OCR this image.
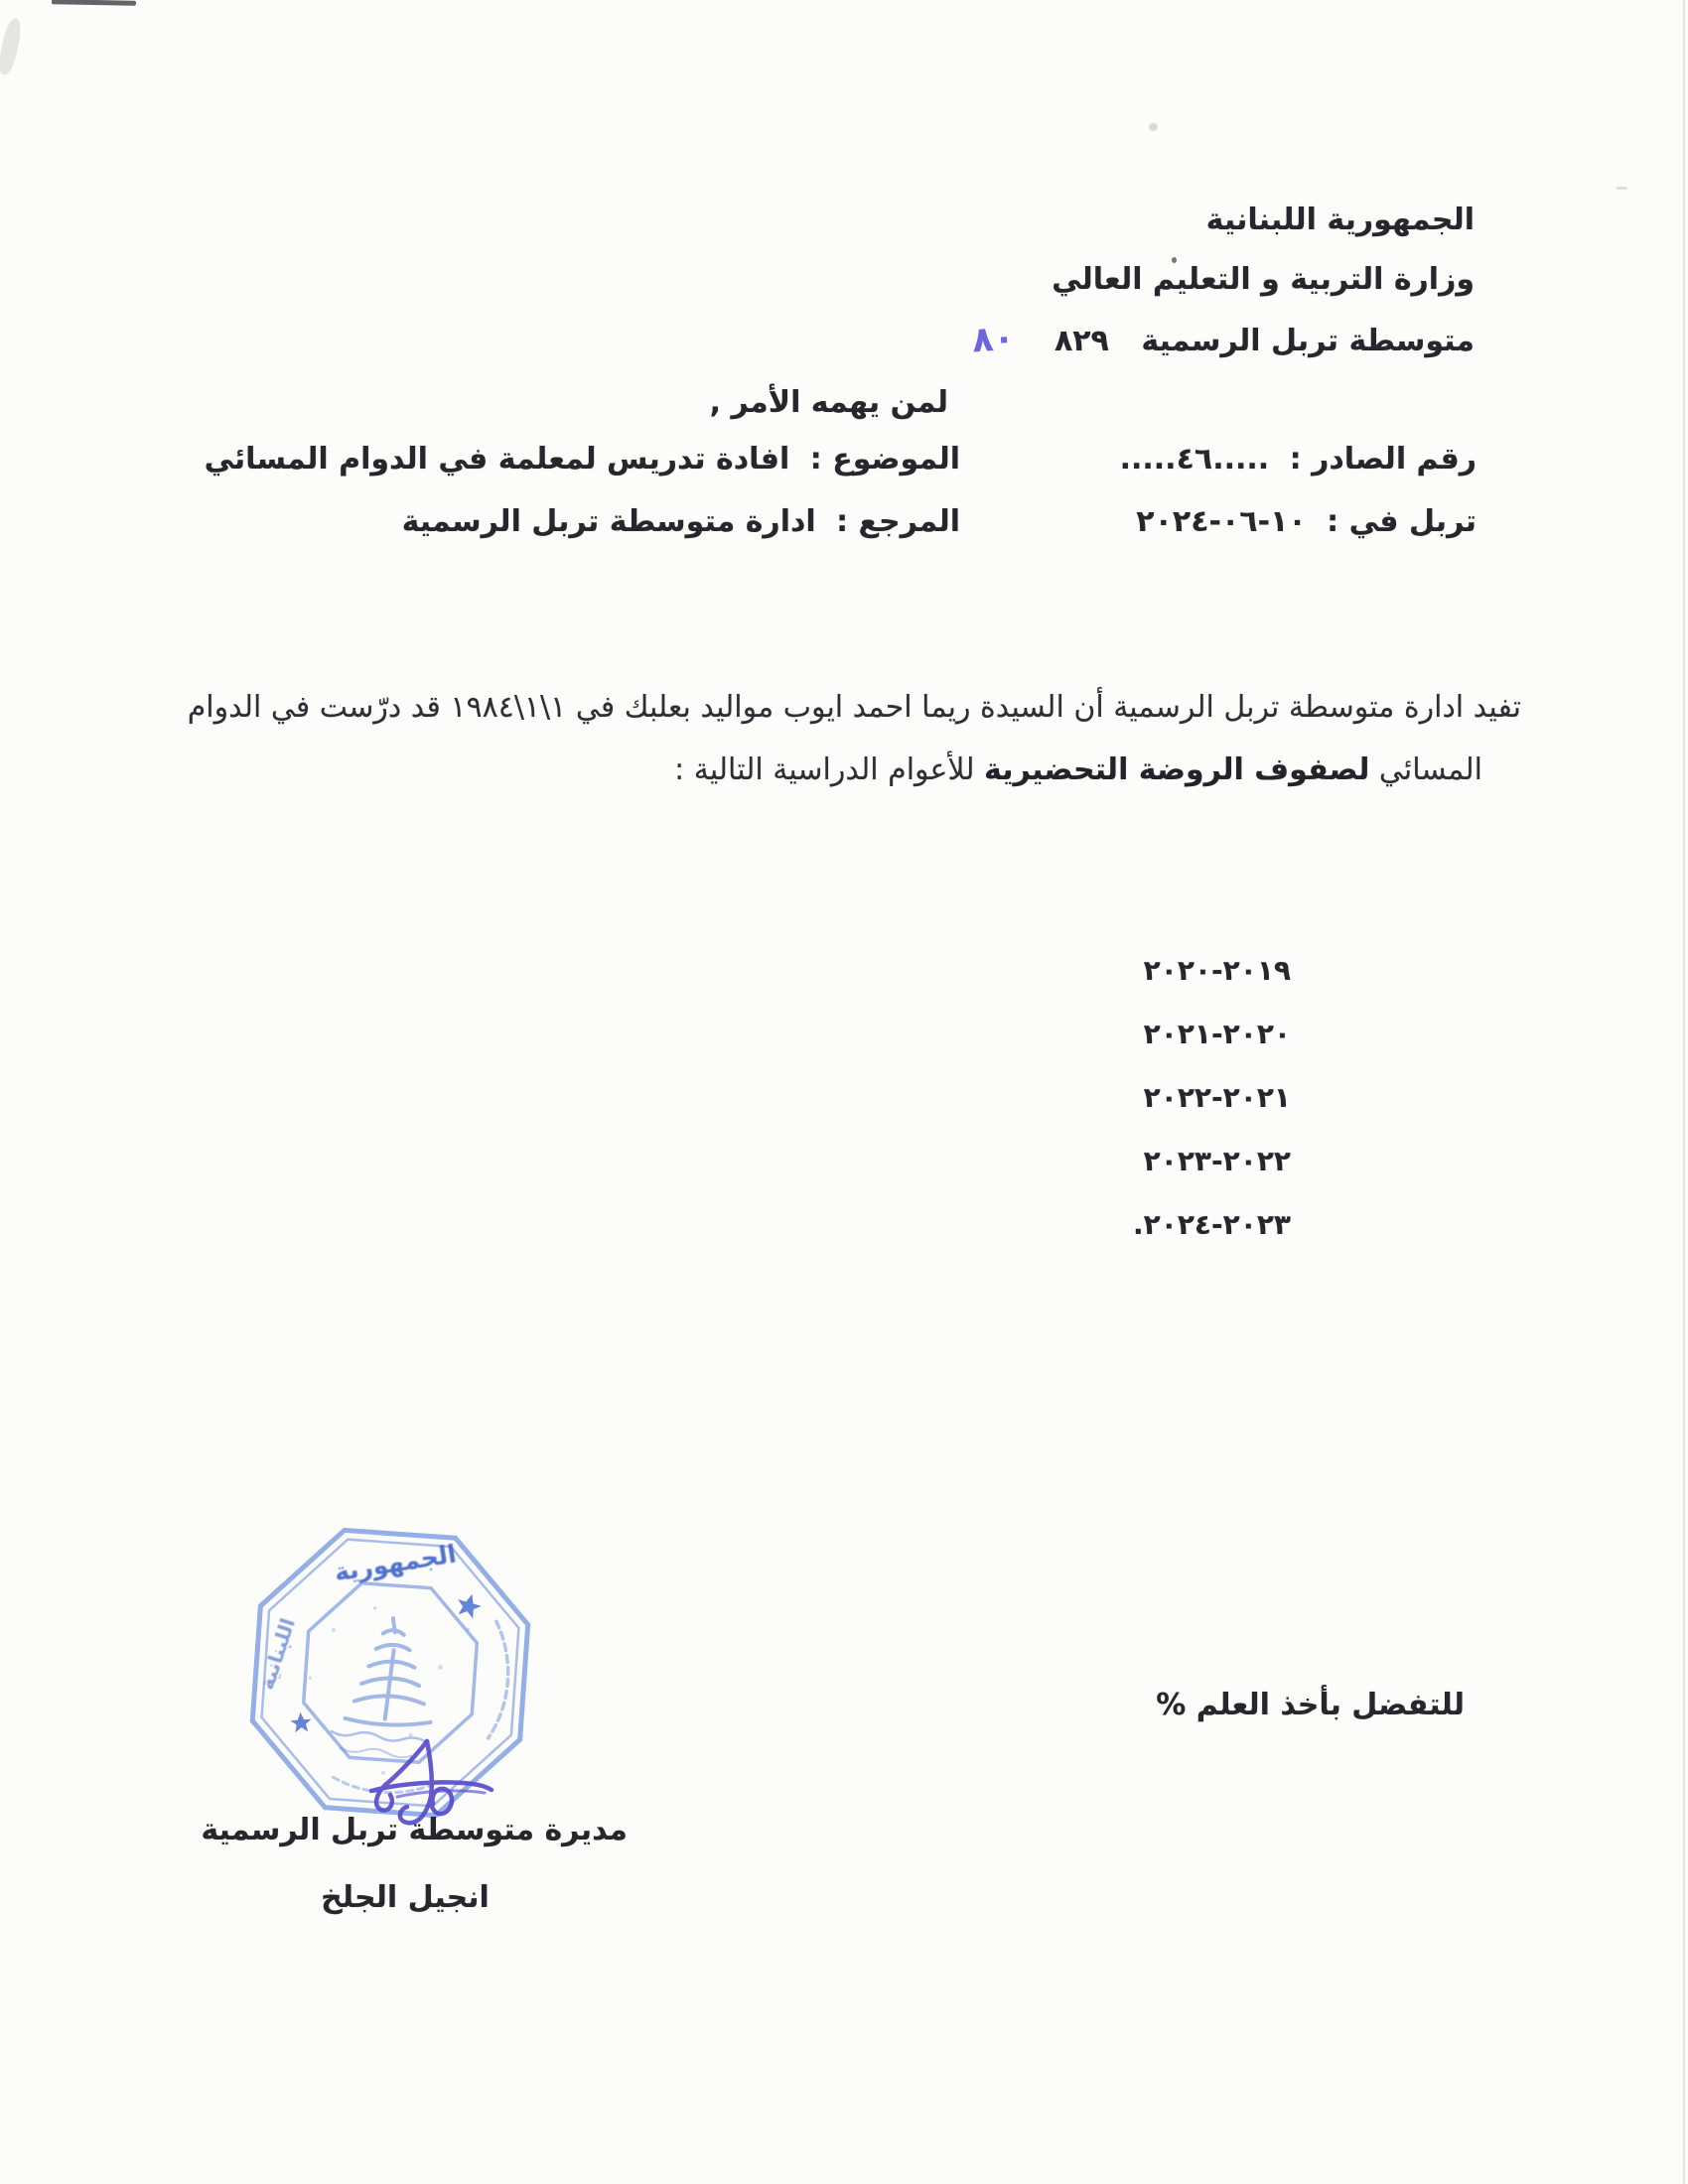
الجمهورية اللبنانية
وزارة التربية و التعليم العالي
متوسطة تربل الرسمية ٨٢٩ ٨٠
لمن يهمه الأمر ,
رقم الصادر : .....٤٦.....
تربل في : ١٠-٠٦-٢٠٢٤
الموضوع : افادة تدريس لمعلمة في الدوام المسائي
المرجع : ادارة متوسطة تربل الرسمية
تفيد ادارة متوسطة تربل الرسمية أن السيدة ريما احمد ايوب مواليد بعلبك في ١\١\١٩٨٤ قد درّست في الدوام
المسائي لصفوف الروضة التحضيرية للأعوام الدراسية التالية :
٢٠١٩-٢٠٢٠
٢٠٢٠-٢٠٢١
٢٠٢١-٢٠٢٢
٢٠٢٢-٢٠٢٣
٢٠٢٣-٢٠٢٤.
للتفضل بأخذ العلم %
الجمهورية
اللبنانية
مديرة متوسطة تربل الرسمية
انجيل الجلخ
